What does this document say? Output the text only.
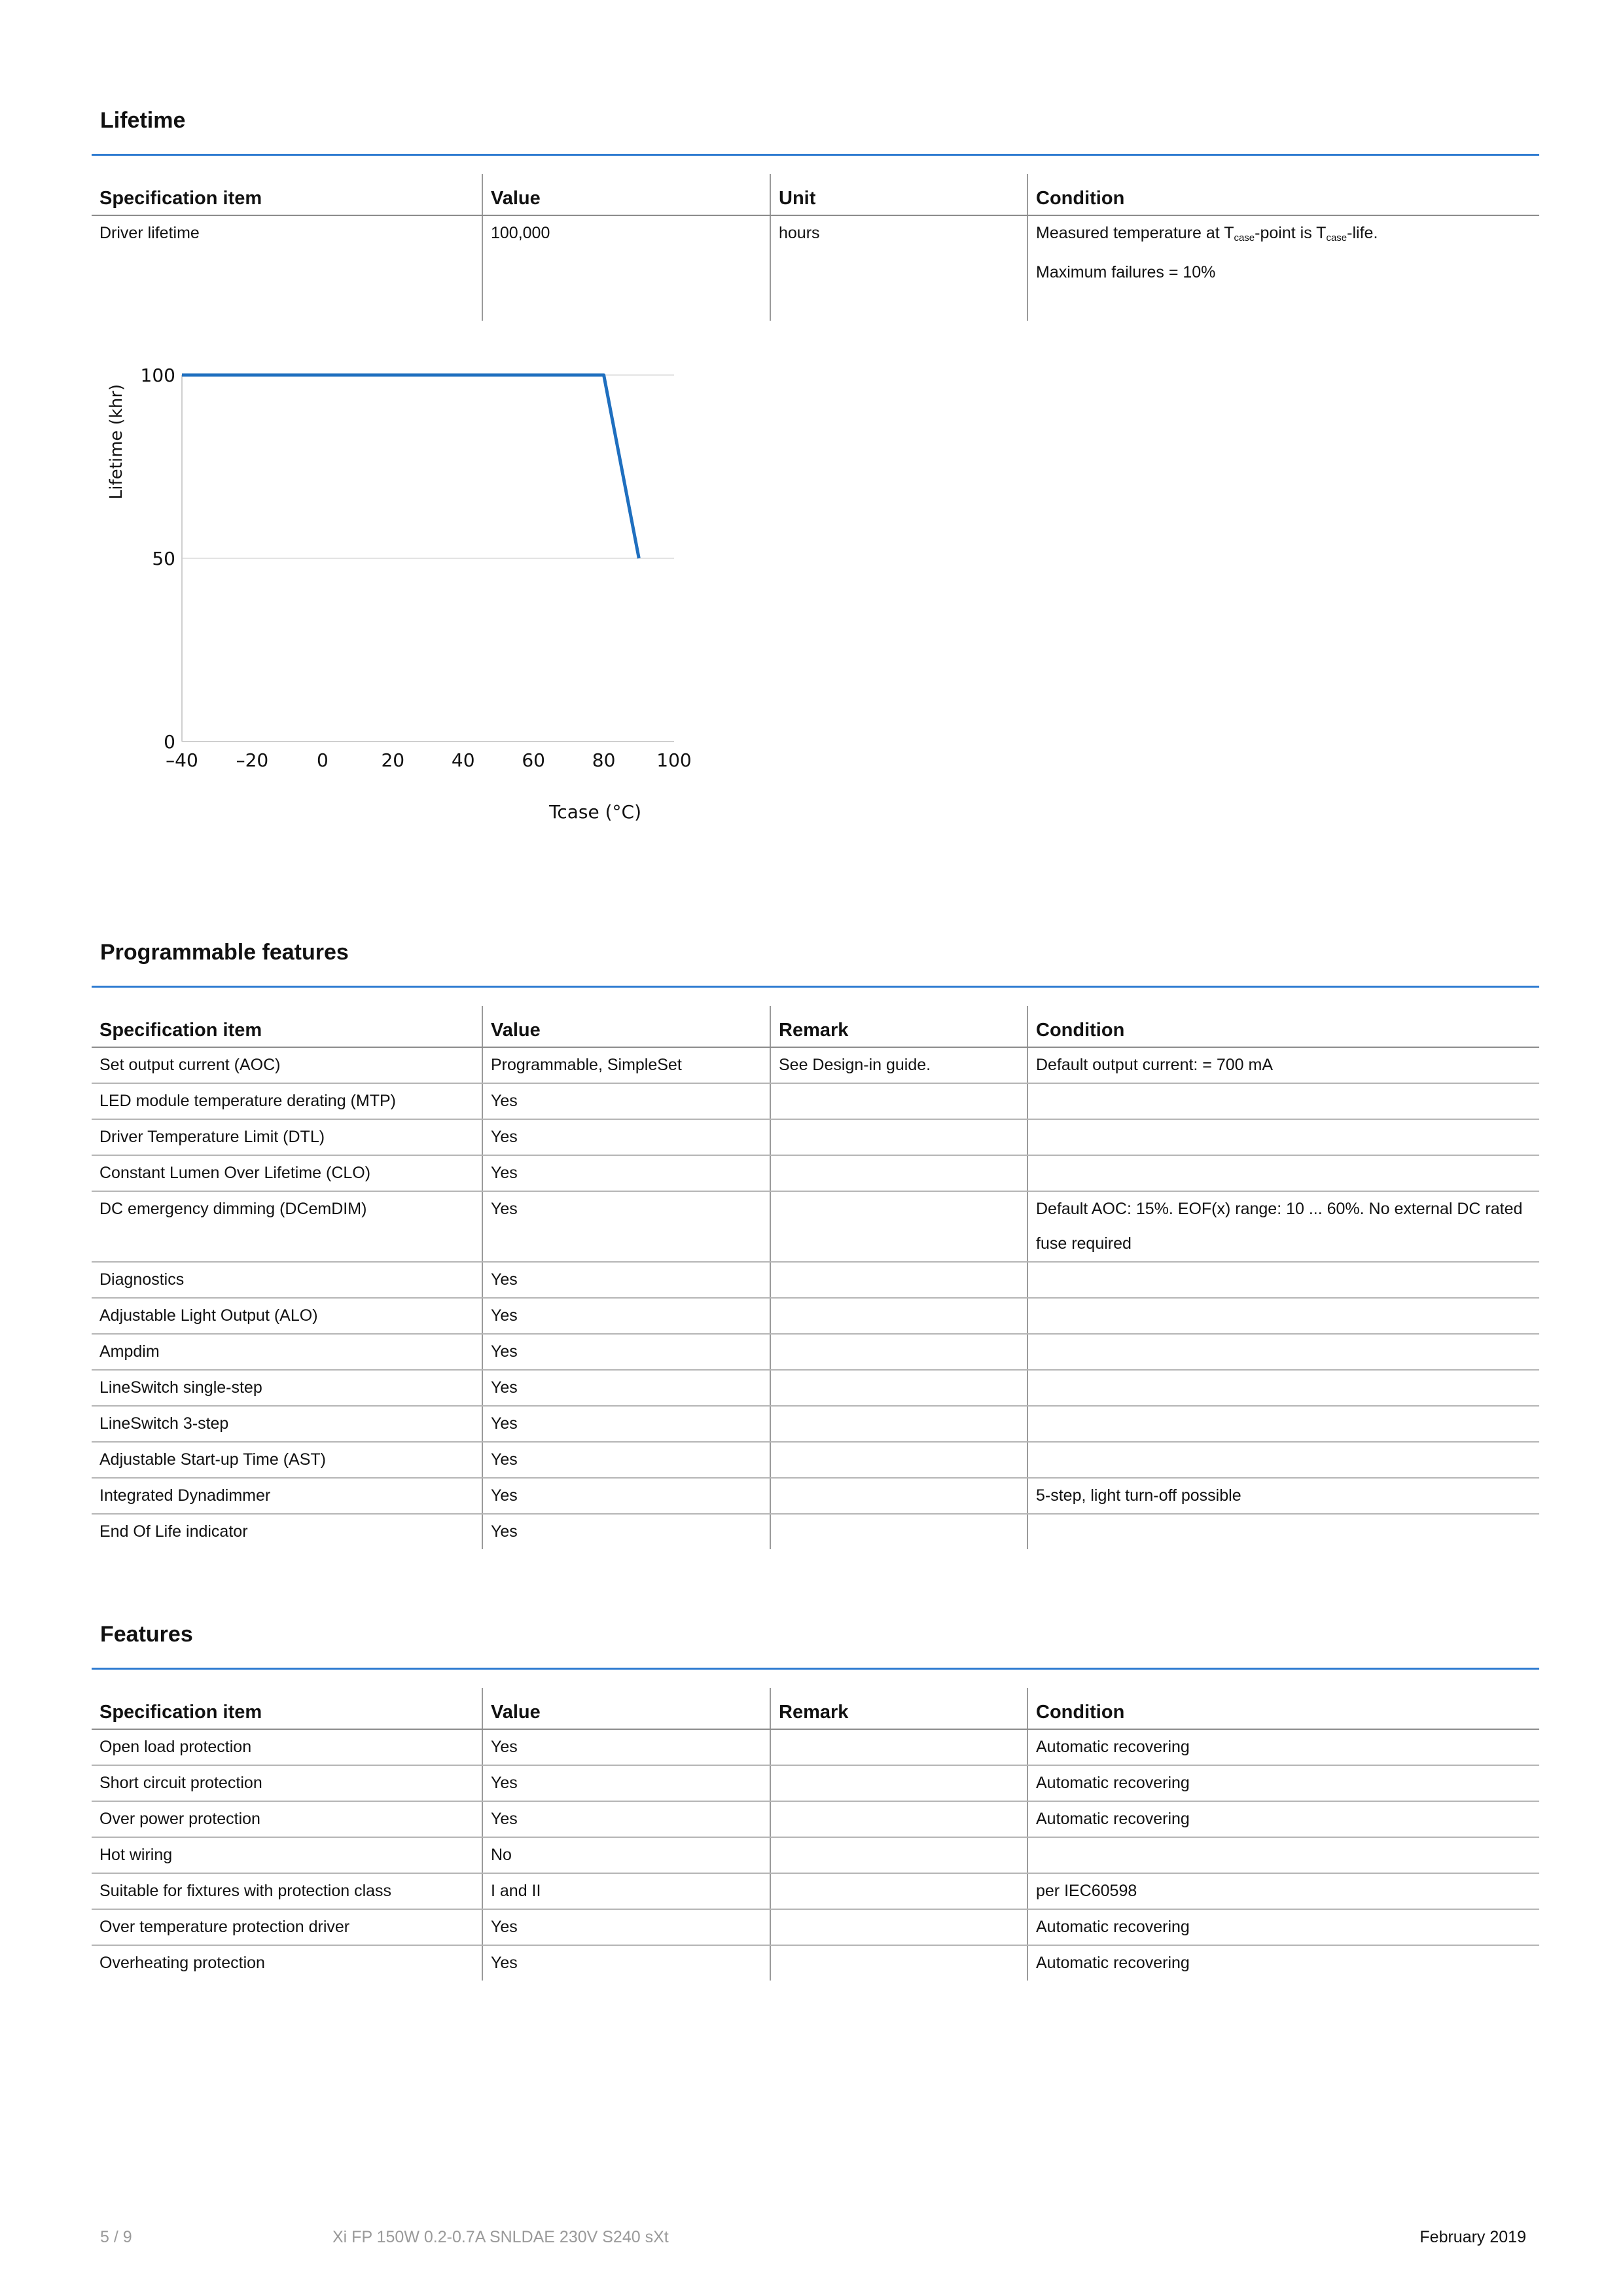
Lifetime
Specification item	Value	Unit	Condition
Driver lifetime	100,000	hours	Measured temperature at $T_{case}$-point is $T_{case}$-life.
Maximum failures = 10%
–40 –20	0	20	40	60	80 100
0
50
100
Tcase (°C)
Lifetime (khr)
Programmable features
Specification item	Value	Remark	Condition
Set output current (AOC)	Programmable, SimpleSet	See Design-in guide.	Default output current: = 700 mA
LED module temperature derating (MTP)	Yes		
Driver Temperature Limit (DTL)	Yes		
Constant Lumen Over Lifetime (CLO)	Yes		
DC emergency dimming (DCemDIM)	Yes		Default AOC: 15%. EOF(x) range: 10 ... 60%. No external DC rated fuse required
Diagnostics	Yes		
Adjustable Light Output (ALO)	Yes		
Ampdim	Yes		
LineSwitch single-step	Yes		
LineSwitch 3-step	Yes		
Adjustable Start-up Time (AST)	Yes		
Integrated Dynadimmer	Yes		5-step, light turn-off possible
End Of Life indicator	Yes		
Features
Specification item	Value	Remark	Condition
Open load protection	Yes		Automatic recovering
Short circuit protection	Yes		Automatic recovering
Over power protection	Yes		Automatic recovering
Hot wiring	No		
Suitable for fixtures with protection class	I and II		per IEC60598
Over temperature protection driver	Yes		Automatic recovering
Overheating protection	Yes		Automatic recovering
5 / 9	Xi FP 150W 0.2-0.7A SNLDAE 230V S240 sXt	February 2019
